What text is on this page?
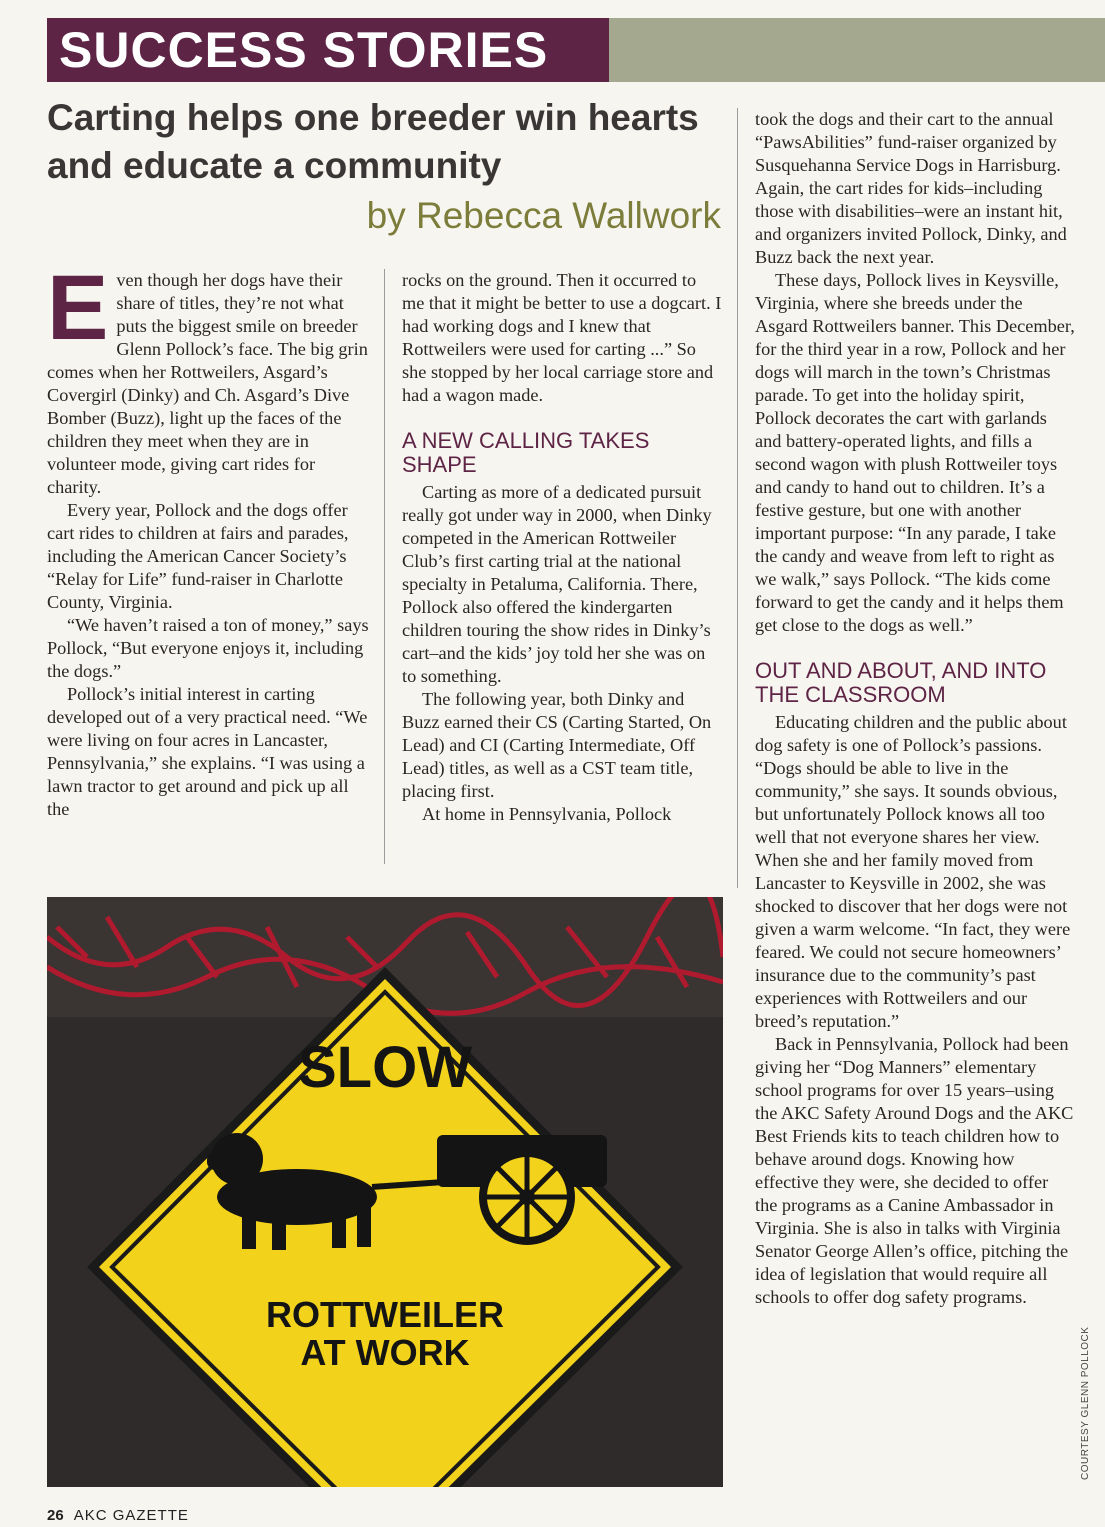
SUCCESS STORIES
Carting helps one breeder win hearts and educate a community
by Rebecca Wallwork

Even though her dogs have their share of titles, they’re not what puts the biggest smile on breeder Glenn Pollock’s face. The big grin comes when her Rottweilers, Asgard’s Covergirl (Dinky) and Ch. Asgard’s Dive Bomber (Buzz), light up the faces of the children they meet when they are in volunteer mode, giving cart rides for charity.

Every year, Pollock and the dogs offer cart rides to children at fairs and parades, including the American Cancer Society’s “Relay for Life” fund-raiser in Charlotte County, Virginia.

“We haven’t raised a ton of money,” says Pollock, “But everyone enjoys it, including the dogs.”

Pollock’s initial interest in carting developed out of a very practical need. “We were living on four acres in Lancaster, Pennsylvania,” she explains. “I was using a lawn tractor to get around and pick up all the

rocks on the ground. Then it occurred to me that it might be better to use a dogcart. I had working dogs and I knew that Rottweilers were used for carting ...” So she stopped by her local carriage store and had a wagon made.

A NEW CALLING TAKES SHAPE

Carting as more of a dedicated pursuit really got under way in 2000, when Dinky competed in the American Rottweiler Club’s first carting trial at the national specialty in Petaluma, California. There, Pollock also offered the kindergarten children touring the show rides in Dinky’s cart–and the kids’ joy told her she was on to something.

The following year, both Dinky and Buzz earned their CS (Carting Started, On Lead) and CI (Carting Intermediate, Off Lead) titles, as well as a CST team title, placing first.

At home in Pennsylvania, Pollock

took the dogs and their cart to the annual “PawsAbilities” fund-raiser organized by Susquehanna Service Dogs in Harrisburg. Again, the cart rides for kids–including those with disabilities–were an instant hit, and organizers invited Pollock, Dinky, and Buzz back the next year.

These days, Pollock lives in Keysville, Virginia, where she breeds under the Asgard Rottweilers banner. This December, for the third year in a row, Pollock and her dogs will march in the town’s Christmas parade. To get into the holiday spirit, Pollock decorates the cart with garlands and battery-operated lights, and fills a second wagon with plush Rottweiler toys and candy to hand out to children. It’s a festive gesture, but one with another important purpose: “In any parade, I take the candy and weave from left to right as we walk,” says Pollock. “The kids come forward to get the candy and it helps them get close to the dogs as well.”

OUT AND ABOUT, AND INTO THE CLASSROOM

Educating children and the public about dog safety is one of Pollock’s passions. “Dogs should be able to live in the community,” she says. It sounds obvious, but unfortunately Pollock knows all too well that not everyone shares her view. When she and her family moved from Lancaster to Keysville in 2002, she was shocked to discover that her dogs were not given a warm welcome. “In fact, they were feared. We could not secure homeowners’ insurance due to the community’s past experiences with Rottweilers and our breed’s reputation.”

Back in Pennsylvania, Pollock had been giving her “Dog Manners” elementary school programs for over 15 years–using the AKC Safety Around Dogs and the AKC Best Friends kits to teach children how to behave around dogs. Knowing how effective they were, she decided to offer the programs as a Canine Ambassador in Virginia. She is also in talks with Virginia Senator George Allen’s office, pitching the idea of legislation that would require all schools to offer dog safety programs.

SLOW
ROTTWEILER
AT WORK	COURTESY GLENN POLLOCK
26 AKC GAZETTE
